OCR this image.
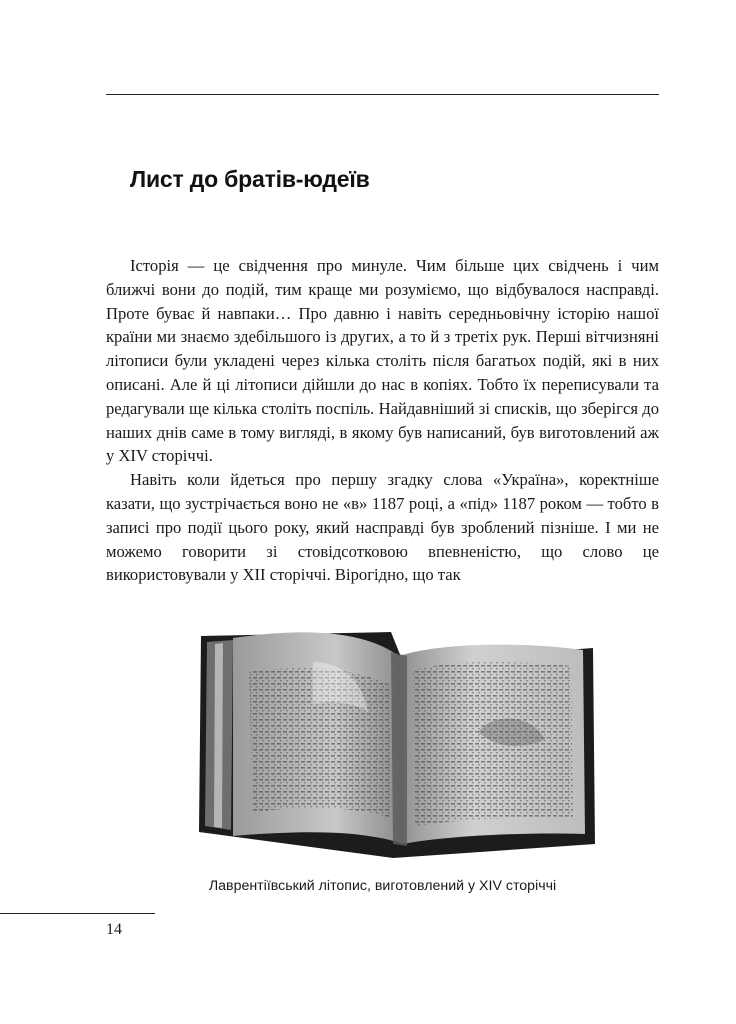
Лист до братів-юдеїв

Історія — це свідчення про минуле. Чим більше цих свідчень і чим ближчі вони до подій, тим краще ми розуміємо, що відбувалося насправді. Проте буває й навпаки… Про давню і навіть середньовічну історію нашої країни ми знаємо здебільшого із других, а то й з третіх рук. Перші вітчизняні літописи були укладені через кілька століть після багатьох подій, які в них описані. Але й ці літописи дійшли до нас в копіях. Тобто їх переписували та редагували ще кілька століть поспіль. Найдавніший зі списків, що зберігся до наших днів саме в тому вигляді, в якому був написаний, був виготовлений аж у XIV сторіччі.

Навіть коли йдеться про першу згадку слова «Україна», коректніше казати, що зустрічається воно не «в» 1187 році, а «під» 1187 роком — тобто в записі про події цього року, який насправді був зроблений пізніше. І ми не можемо говорити зі стовідсотковою впевненістю, що слово це використовували у XII сторіччі. Вірогідно, що так

Лаврентіївський літопис, виготовлений у XIV сторіччі
14
